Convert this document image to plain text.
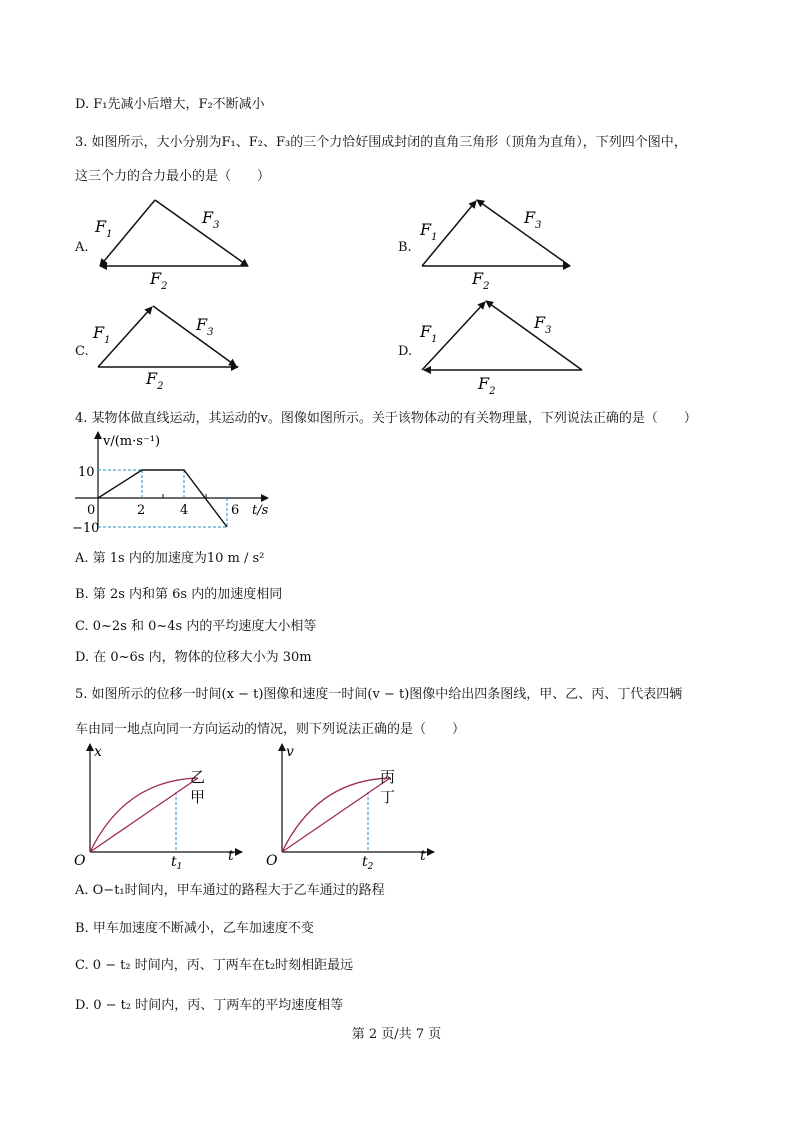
D. F₁先减小后增大，F₂不断减小
3. 如图所示，大小分别为F₁、F₂、F₃的三个力恰好围成封闭的直角三角形（顶角为直角），下列四个图中，
这三个力的合力最小的是（　　）
A.	B.
C.	D.
$F_1$
$F_3$
$F_2$
$F_1$
$F_3$
$F_2$
$F_1$
$F_3$
$F_2$
$F_1$
$F_3$
$F_2$
4. 某物体做直线运动，其运动的v。图像如图所示。关于该物体动的有关物理量，下列说法正确的是（　　）
v/(m·s⁻¹)
t/s
10
−10
0	2	4	6
A. 第 1s 内的加速度为10 m / s²
B. 第 2s 内和第 6s 内的加速度相同
C. 0~2s 和 0~4s 内的平均速度大小相等
D. 在 0~6s 内，物体的位移大小为 30m
5. 如图所示的位移一时间(x − t)图像和速度一时间(v − t)图像中给出四条图线，甲、乙、丙、丁代表四辆
车由同一地点向同一方向运动的情况，则下列说法正确的是（　　）
x
t
O	$t_1$
乙
甲
v
t
O	$t_2$
丙
丁
A. O−t₁时间内，甲车通过的路程大于乙车通过的路程
B. 甲车加速度不断减小，乙车加速度不变
C. 0 − t₂ 时间内，丙、丁两车在t₂时刻相距最远
D. 0 − t₂ 时间内，丙、丁两车的平均速度相等
第 2 页/共 7 页
